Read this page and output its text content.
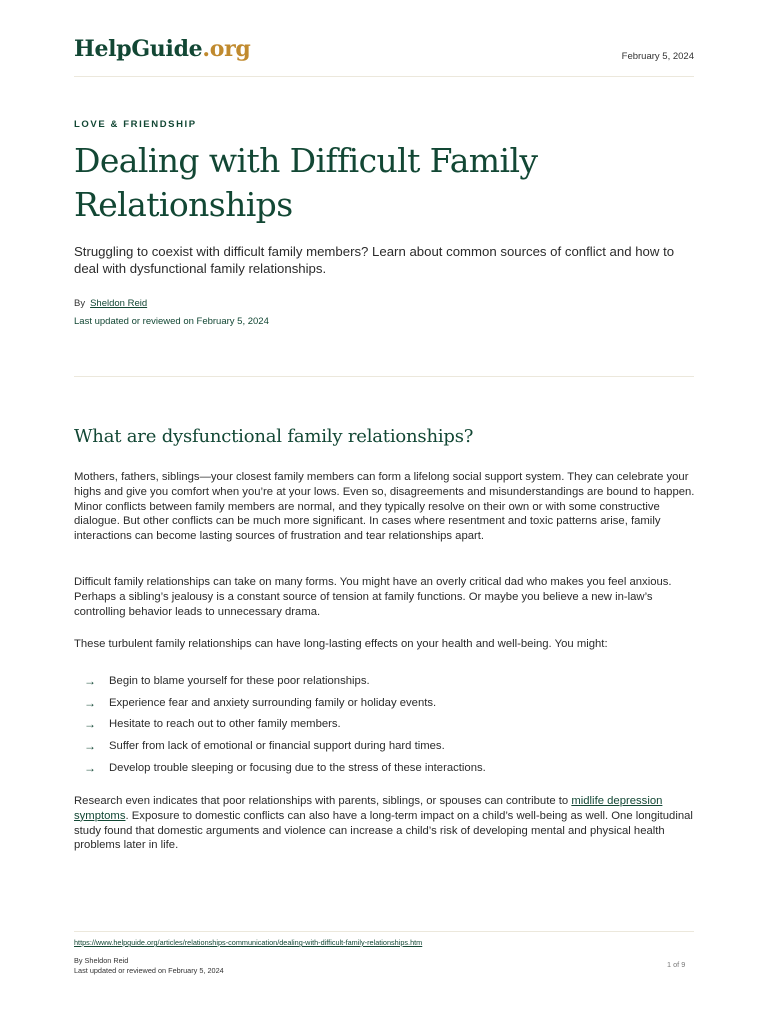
HelpGuide.org	February 5, 2024
LOVE & FRIENDSHIP
Dealing with Difficult Family Relationships

Struggling to coexist with difficult family members? Learn about common sources of conflict and how to deal with dysfunctional family relationships.

By Sheldon Reid
Last updated or reviewed on February 5, 2024
What are dysfunctional family relationships?

Mothers, fathers, siblings—your closest family members can form a lifelong social support system. They can celebrate your highs and give you comfort when you’re at your lows. Even so, disagreements and misunderstandings are bound to happen. Minor conflicts between family members are normal, and they typically resolve on their own or with some constructive dialogue. But other conflicts can be much more significant. In cases where resentment and toxic patterns arise, family interactions can become lasting sources of frustration and tear relationships apart.

Difficult family relationships can take on many forms. You might have an overly critical dad who makes you feel anxious. Perhaps a sibling’s jealousy is a constant source of tension at family functions. Or maybe you believe a new in-law’s controlling behavior leads to unnecessary drama.

These turbulent family relationships can have long-lasting effects on your health and well-being. You might:

→	Begin to blame yourself for these poor relationships.
→	Experience fear and anxiety surrounding family or holiday events.
→	Hesitate to reach out to other family members.
→	Suffer from lack of emotional or financial support during hard times.
→	Develop trouble sleeping or focusing due to the stress of these interactions.

Research even indicates that poor relationships with parents, siblings, or spouses can contribute to midlife depression symptoms. Exposure to domestic conflicts can also have a long-term impact on a child’s well-being as well. One longitudinal study found that domestic arguments and violence can increase a child’s risk of developing mental and physical health problems later in life.

https://www.helpguide.org/articles/relationships-communication/dealing-with-difficult-family-relationships.htm
By Sheldon Reid
Last updated or reviewed on February 5, 2024
1 of 9
